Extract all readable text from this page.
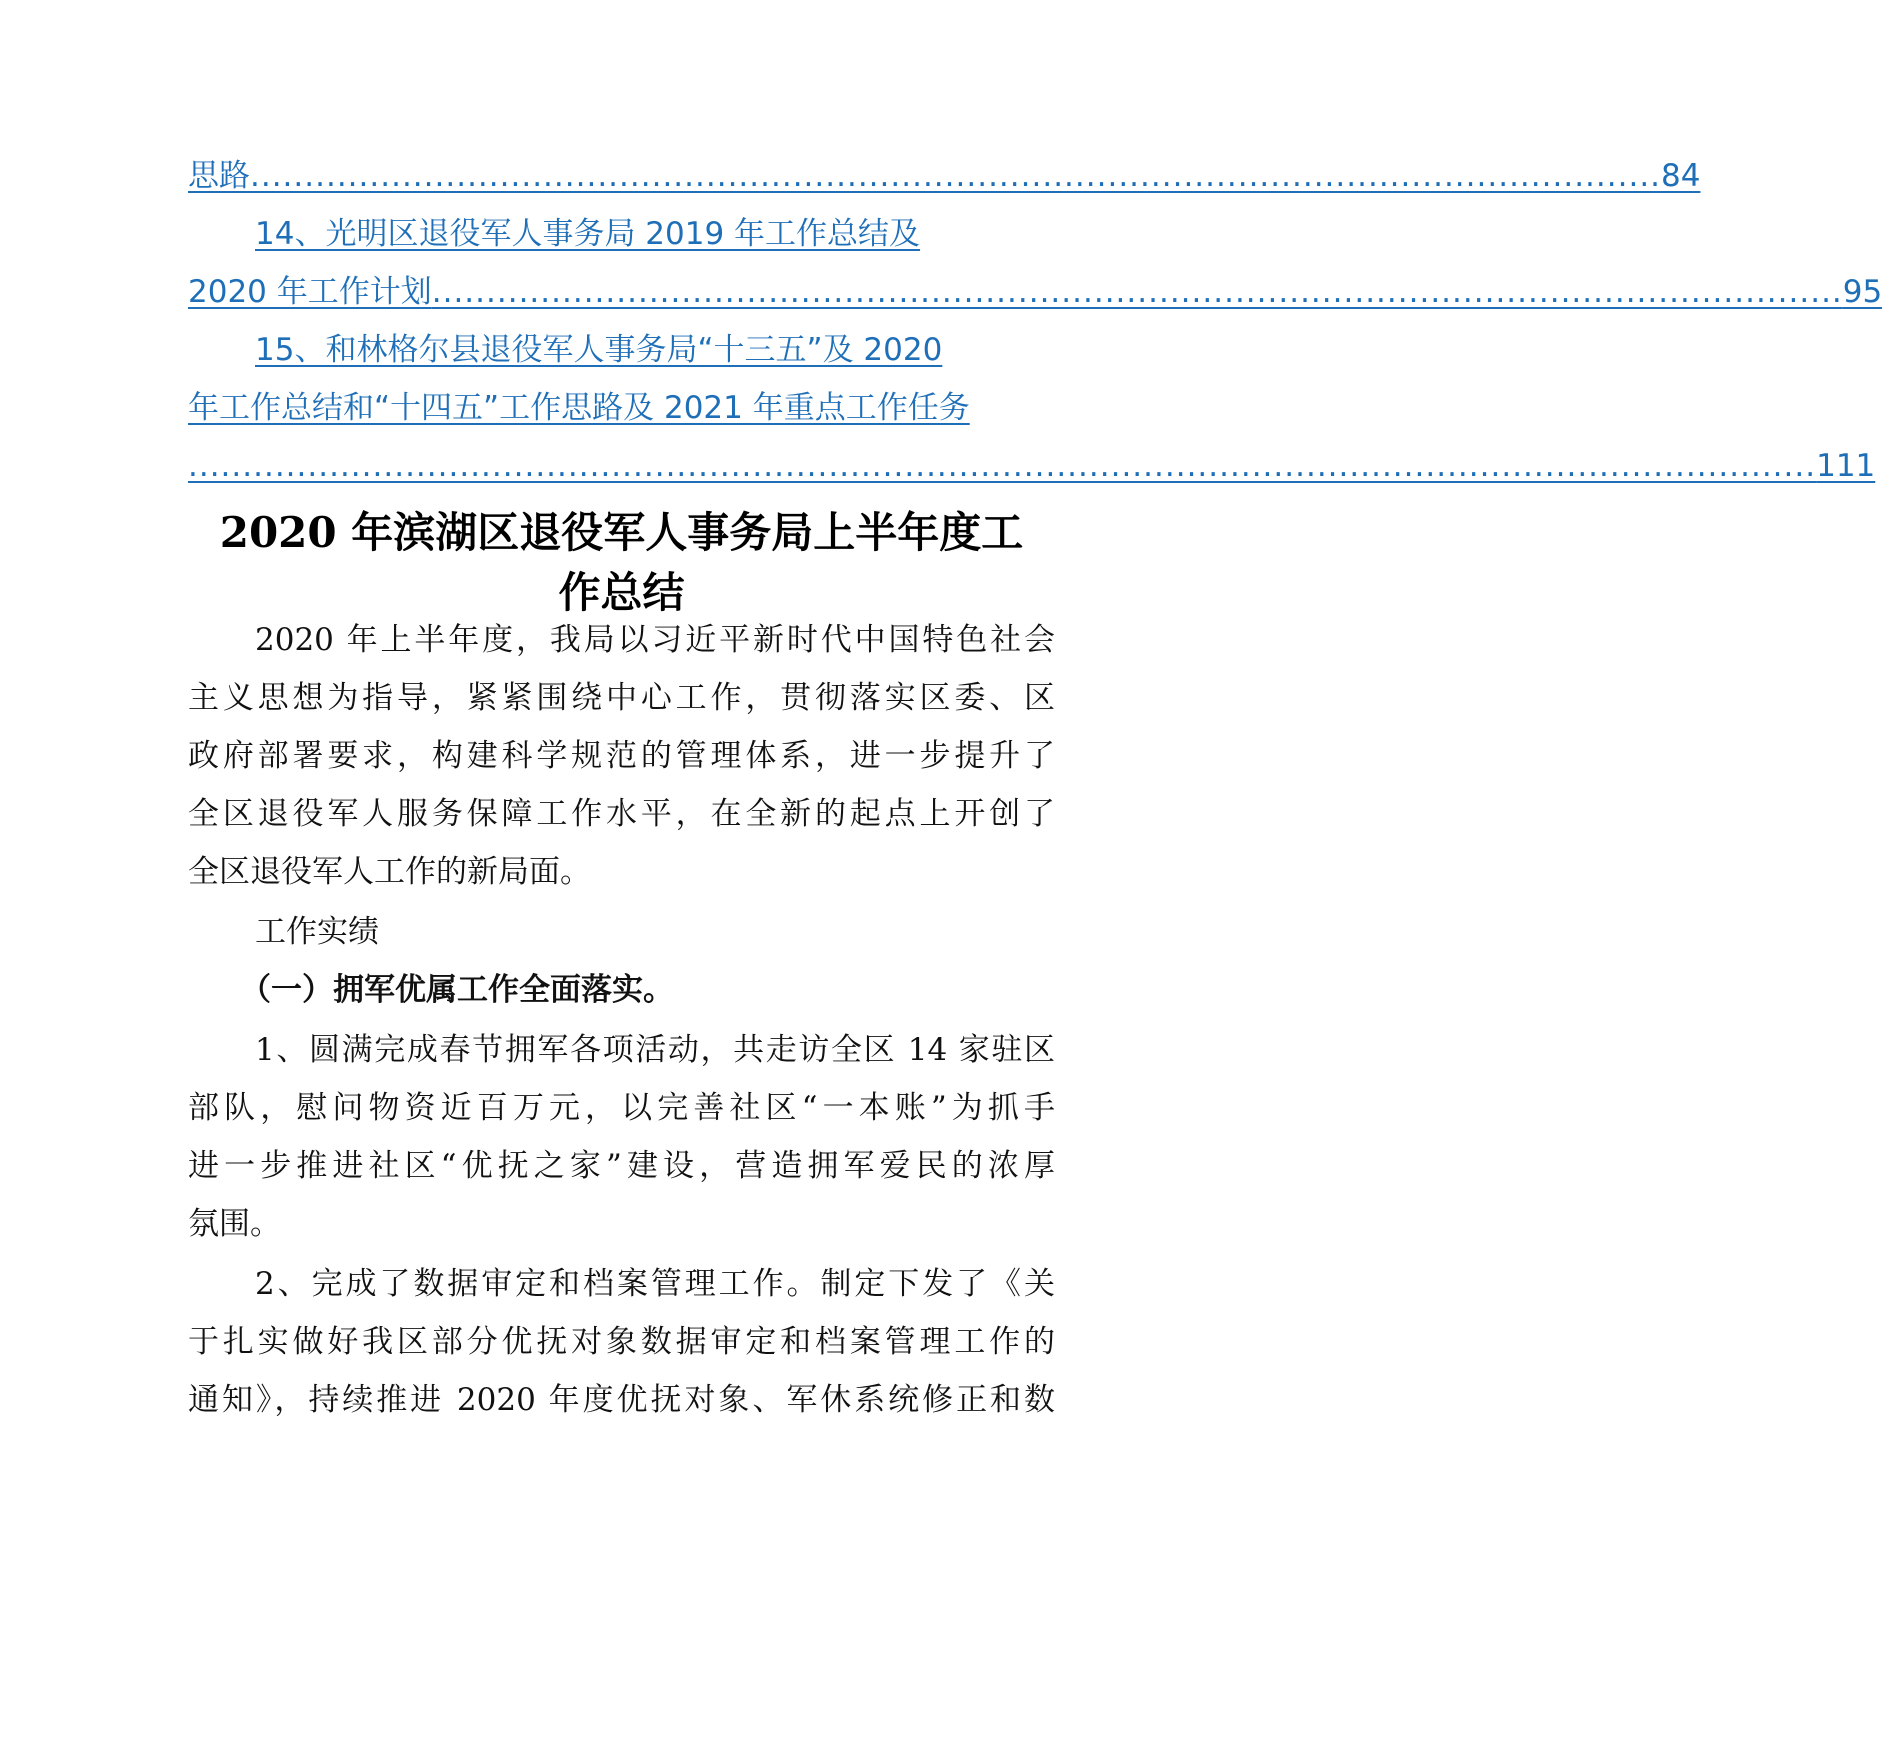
思路 .................................................................................................................................. 84
14、光明区退役军人事务局 2019 年工作总结及
2020 年工作计划 .................................................................................................................................. 95
15、和林格尔县退役军人事务局“十三五”及 2020
年工作总结和“十四五”工作思路及 2021 年重点工作任务
...................................................................................................................................................... 111
2020 年滨湖区退役军人事务局上半年度工
作总结
2020 年上半年度，我局以习近平新时代中国特色社会
主义思想为指导，紧紧围绕中心工作，贯彻落实区委、区
政府部署要求，构建科学规范的管理体系，进一步提升了
全区退役军人服务保障工作水平，在全新的起点上开创了
全区退役军人工作的新局面。
工作实绩
（一）拥军优属工作全面落实。
1、圆满完成春节拥军各项活动，共走访全区 14 家驻区
部队，慰问物资近百万元，以完善社区“一本账”为抓手
进一步推进社区“优抚之家”建设，营造拥军爱民的浓厚
氛围。
2、完成了数据审定和档案管理工作。制定下发了《关
于扎实做好我区部分优抚对象数据审定和档案管理工作的
通知》，持续推进 2020 年度优抚对象、军休系统修正和数
